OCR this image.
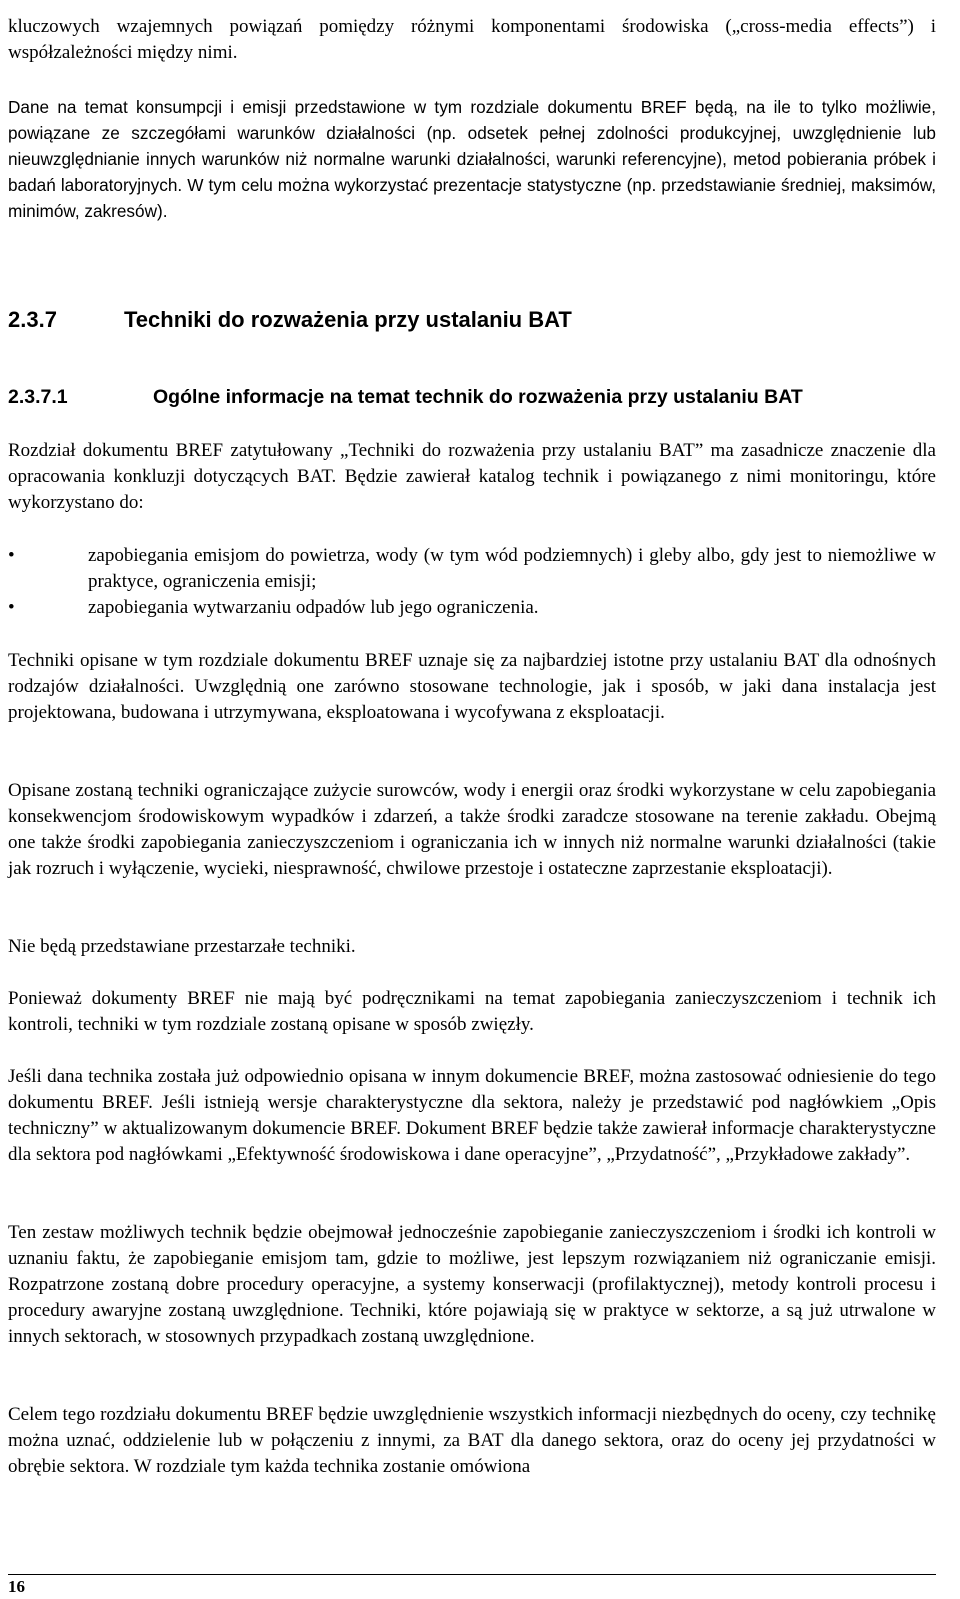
kluczowych wzajemnych powiązań pomiędzy różnymi komponentami środowiska („cross-media effects”) i współzależności między nimi.

Dane na temat konsumpcji i emisji przedstawione w tym rozdziale dokumentu BREF będą, na ile to tylko możliwie, powiązane ze szczegółami warunków działalności (np. odsetek pełnej zdolności produkcyjnej, uwzględnienie lub nieuwzględnianie innych warunków niż normalne warunki działalności, warunki referencyjne), metod pobierania próbek i badań laboratoryjnych. W tym celu można wykorzystać prezentacje statystyczne (np. przedstawianie średniej, maksimów, minimów, zakresów).

2.3.7	Techniki do rozważenia przy ustalaniu BAT
2.3.7.1	Ogólne informacje na temat technik do rozważenia przy ustalaniu BAT

Rozdział dokumentu BREF zatytułowany „Techniki do rozważenia przy ustalaniu BAT” ma zasadnicze znaczenie dla opracowania konkluzji dotyczących BAT. Będzie zawierał katalog technik i powiązanego z nimi monitoringu, które wykorzystano do:

•	zapobiegania emisjom do powietrza, wody (w tym wód podziemnych) i gleby albo, gdy jest to niemożliwe w praktyce, ograniczenia emisji;
•	zapobiegania wytwarzaniu odpadów lub jego ograniczenia.

Techniki opisane w tym rozdziale dokumentu BREF uznaje się za najbardziej istotne przy ustalaniu BAT dla odnośnych rodzajów działalności. Uwzględnią one zarówno stosowane technologie, jak i sposób, w jaki dana instalacja jest projektowana, budowana i utrzymywana, eksploatowana i wycofywana z eksploatacji.

Opisane zostaną techniki ograniczające zużycie surowców, wody i energii oraz środki wykorzystane w celu zapobiegania konsekwencjom środowiskowym wypadków i zdarzeń, a także środki zaradcze stosowane na terenie zakładu. Obejmą one także środki zapobiegania zanieczyszczeniom i ograniczania ich w innych niż normalne warunki działalności (takie jak rozruch i wyłączenie, wycieki, niesprawność, chwilowe przestoje i ostateczne zaprzestanie eksploatacji).

Nie będą przedstawiane przestarzałe techniki.

Ponieważ dokumenty BREF nie mają być podręcznikami na temat zapobiegania zanieczyszczeniom i technik ich kontroli, techniki w tym rozdziale zostaną opisane w sposób zwięzły.

Jeśli dana technika została już odpowiednio opisana w innym dokumencie BREF, można zastosować odniesienie do tego dokumentu BREF. Jeśli istnieją wersje charakterystyczne dla sektora, należy je przedstawić pod nagłówkiem „Opis techniczny” w aktualizowanym dokumencie BREF. Dokument BREF będzie także zawierał informacje charakterystyczne dla sektora pod nagłówkami „Efektywność środowiskowa i dane operacyjne”, „Przydatność”, „Przykładowe zakłady”.

Ten zestaw możliwych technik będzie obejmował jednocześnie zapobieganie zanieczyszczeniom i środki ich kontroli w uznaniu faktu, że zapobieganie emisjom tam, gdzie to możliwe, jest lepszym rozwiązaniem niż ograniczanie emisji. Rozpatrzone zostaną dobre procedury operacyjne, a systemy konserwacji (profilaktycznej), metody kontroli procesu i procedury awaryjne zostaną uwzględnione. Techniki, które pojawiają się w praktyce w sektorze, a są już utrwalone w innych sektorach, w stosownych przypadkach zostaną uwzględnione.

Celem tego rozdziału dokumentu BREF będzie uwzględnienie wszystkich informacji niezbędnych do oceny, czy technikę można uznać, oddzielenie lub w połączeniu z innymi, za BAT dla danego sektora, oraz do oceny jej przydatności w obrębie sektora. W rozdziale tym każda technika zostanie omówiona

16
